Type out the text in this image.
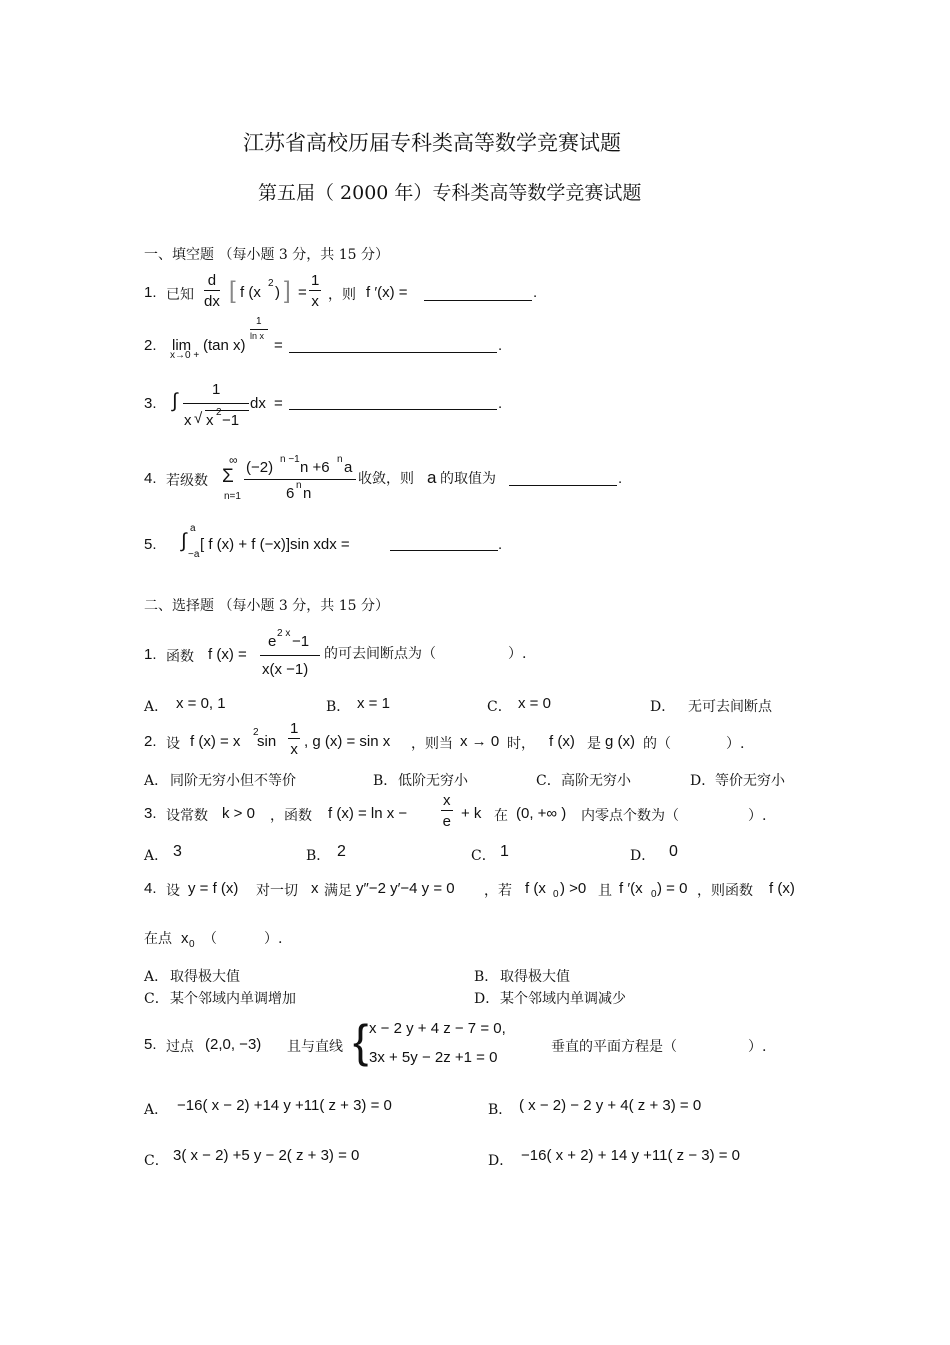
江苏省高校历届专科类高等数学竞赛试题
第五届（ 2000 年）专科类高等数学竞赛试题
一、填空题 （每小题 3 分，共 15 分）
1. 已知 $\frac{d}{dx}$ [ f (x
2
) ] = $\frac{1}{x}$ ，则 f ′(x) =	.
2. lim
x→0 +
(tan x)
1
ln x
=	.
3. ∫
1
x √ x 2 −1
dx =	.
4. 若级数
∞
Σ
n=1
(−2) n −1 n +6 n a
6 n n
收敛，则 a 的取值为	.
5.
a
∫
−a
[ f (x) + f (−x)]sin xdx =	.
二、选择题 （每小题 3 分，共 15 分）
1. 函数 f (x) =
e 2 x −1
x(x −1)
的可去间断点为（	）.
A． x = 0, 1	B． x = 1	C． x = 0	D． 无可去间断点
2. 设 f (x) = x
2
$\sin \frac{1}{x}$ , g (x) = sin x ，则当 x → 0 时， f (x) 是 g (x) 的（	）.
A． 同阶无穷小但不等价	B． 低阶无穷小	C． 高阶无穷小	D． 等价无穷小
3. 设常数 k > 0 ，函数 f $(x) = \ln x - \frac{x}{e} + k$ 在 (0, +∞ ) 内零点个数为（	）.
A． 3	B． 2	C． 1	D． 0
4. 设 y = f (x) 对一切 x 满足 y″−2 y′−4 y = 0 ，若 f (x 0 ) >0 且 f ′(x 0 ) = 0 ，则函数 f (x)
在点 x 0 （	）.
A． 取得极大值	B． 取得极大值
C． 某个邻域内单调增加	D． 某个邻域内单调减少
5. 过点 (2,0, −3) 且与直线 { x − 2 y + 4 z − 7 = 0,
3x + 5y − 2z +1 = 0
垂直的平面方程是（	）.
A． −16( x − 2) +14 y +11( z + 3) = 0	B． ( x − 2) − 2 y + 4( z + 3) = 0
C． 3( x − 2) +5 y − 2( z + 3) = 0	D． −16( x + 2) + 14 y +11( z − 3) = 0
